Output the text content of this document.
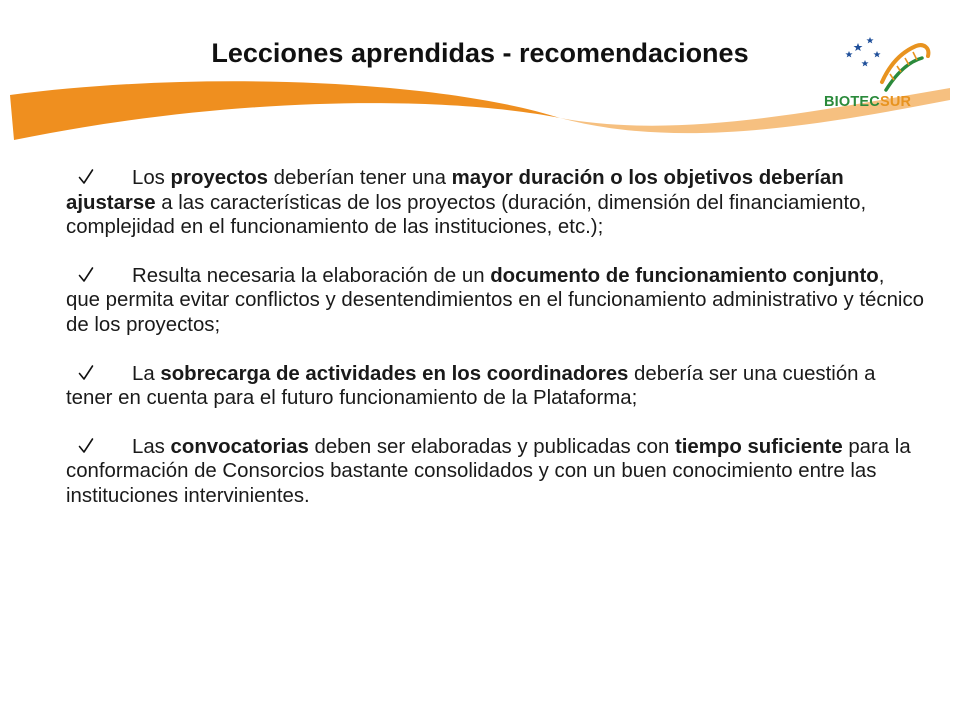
Lecciones aprendidas - recomendaciones
BIOTECSUR
Los proyectos deberían tener una mayor duración o los objetivos deberían ajustarse a las características de los proyectos (duración, dimensión del financiamiento, complejidad en el funcionamiento de las instituciones, etc.);
Resulta necesaria la elaboración de un documento de funcionamiento conjunto, que permita evitar conflictos y desentendimientos en el funcionamiento administrativo y técnico de los proyectos;
La sobrecarga de actividades en los coordinadores debería ser una cuestión a tener en cuenta para el futuro funcionamiento de la Plataforma;
Las convocatorias deben ser elaboradas y publicadas con tiempo suficiente para la conformación de Consorcios bastante consolidados y con un buen conocimiento entre las instituciones intervinientes.
